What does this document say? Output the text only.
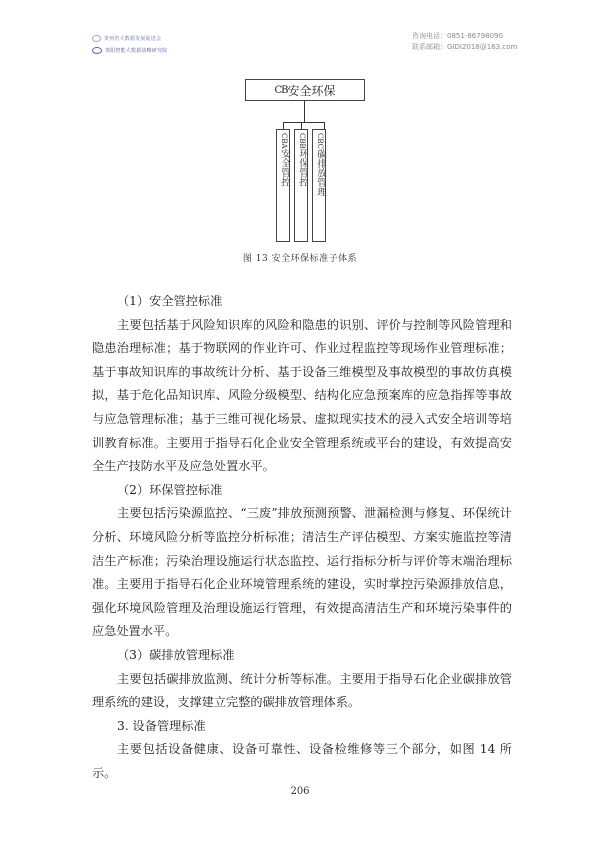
贵州省大数据发展促进会
贵阳智能大数据战略研究院
咨询电话：0851-86798090
联系邮箱：GIDI2018@163.com
CB 安全环保
CBA安全管控
CBB环保管控
CBC碳排放管理
图 13 安全环保标准子体系

（1）安全管控标准

主要包括基于风险知识库的风险和隐患的识别、评价与控制等风险管理和隐患治理标准；基于物联网的作业许可、作业过程监控等现场作业管理标准；基于事故知识库的事故统计分析、基于设备三维模型及事故模型的事故仿真模拟，基于危化品知识库、风险分级模型、结构化应急预案库的应急指挥等事故与应急管理标准；基于三维可视化场景、虚拟现实技术的浸入式安全培训等培训教育标准。主要用于指导石化企业安全管理系统或平台的建设，有效提高安全生产技防水平及应急处置水平。

（2）环保管控标准

主要包括污染源监控、“三废”排放预测预警、泄漏检测与修复、环保统计分析、环境风险分析等监控分析标准；清洁生产评估模型、方案实施监控等清洁生产标准；污染治理设施运行状态监控、运行指标分析与评价等末端治理标准。主要用于指导石化企业环境管理系统的建设，实时掌控污染源排放信息，强化环境风险管理及治理设施运行管理，有效提高清洁生产和环境污染事件的应急处置水平。

（3）碳排放管理标准

主要包括碳排放监测、统计分析等标准。主要用于指导石化企业碳排放管理系统的建设，支撑建立完整的碳排放管理体系。

3. 设备管理标准

主要包括设备健康、设备可靠性、设备检维修等三个部分，如图 14 所示。

206
